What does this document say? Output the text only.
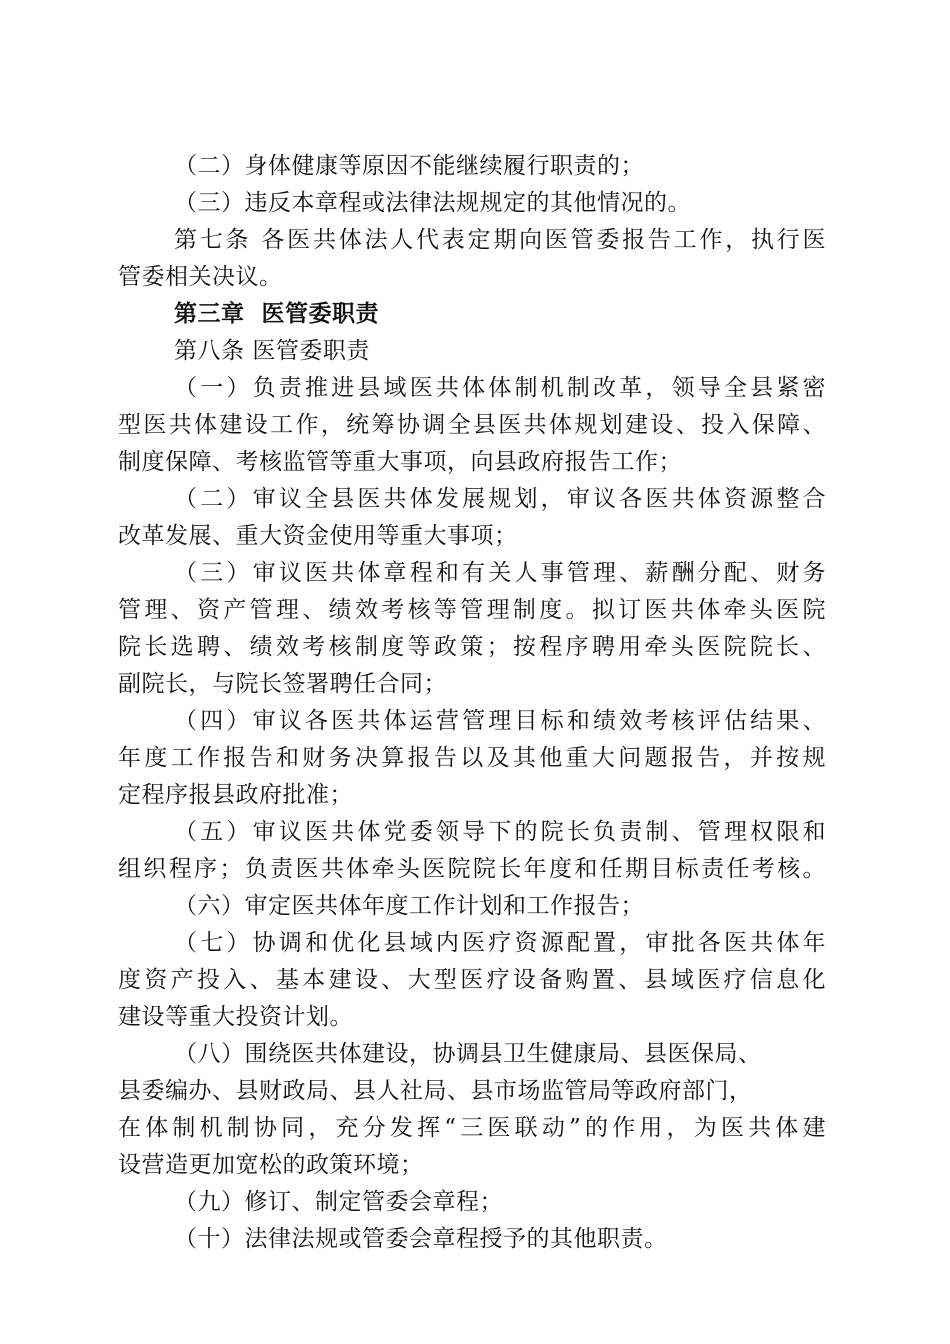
（二）身体健康等原因不能继续履行职责的；
（三）违反本章程或法律法规规定的其他情况的。
第七条 各医共体法人代表定期向医管委报告工作，执行医
管委相关决议。
第三章  医管委职责
第八条 医管委职责
（一）负责推进县域医共体体制机制改革，领导全县紧密
型医共体建设工作，统筹协调全县医共体规划建设、投入保障、
制度保障、考核监管等重大事项，向县政府报告工作；
（二）审议全县医共体发展规划，审议各医共体资源整合
改革发展、重大资金使用等重大事项；
（三）审议医共体章程和有关人事管理、薪酬分配、财务
管理、资产管理、绩效考核等管理制度。拟订医共体牵头医院
院长选聘、绩效考核制度等政策；按程序聘用牵头医院院长、
副院长，与院长签署聘任合同；
（四）审议各医共体运营管理目标和绩效考核评估结果、
年度工作报告和财务决算报告以及其他重大问题报告，并按规
定程序报县政府批准；
（五）审议医共体党委领导下的院长负责制、管理权限和
组织程序；负责医共体牵头医院院长年度和任期目标责任考核。
（六）审定医共体年度工作计划和工作报告；
（七）协调和优化县域内医疗资源配置，审批各医共体年
度资产投入、基本建设、大型医疗设备购置、县域医疗信息化
建设等重大投资计划。
（八）围绕医共体建设，协调县卫生健康局、县医保局、
县委编办、县财政局、县人社局、县市场监管局等政府部门，
在体制机制协同，充分发挥“三医联动”的作用，为医共体建
设营造更加宽松的政策环境；
（九）修订、制定管委会章程；
（十）法律法规或管委会章程授予的其他职责。
